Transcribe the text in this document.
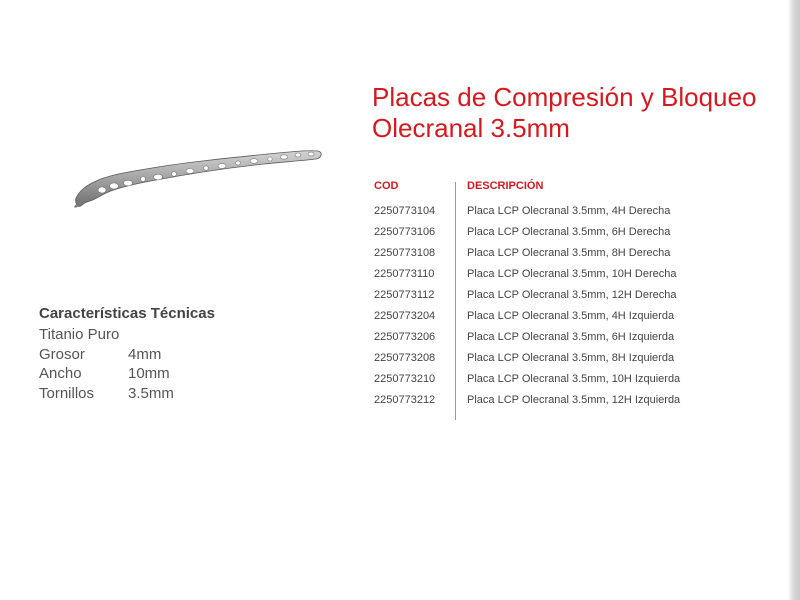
Placas de Compresión y Bloqueo
Olecranal 3.5mm
Características Técnicas
Titanio Puro
Grosor	4mm
Ancho	10mm
Tornillos	3.5mm
COD	DESCRIPCIÓN
2250773104	Placa LCP Olecranal 3.5mm, 4H Derecha
2250773106	Placa LCP Olecranal 3.5mm, 6H Derecha
2250773108	Placa LCP Olecranal 3.5mm, 8H Derecha
2250773110	Placa LCP Olecranal 3.5mm, 10H Derecha
2250773112	Placa LCP Olecranal 3.5mm, 12H Derecha
2250773204	Placa LCP Olecranal 3.5mm, 4H Izquierda
2250773206	Placa LCP Olecranal 3.5mm, 6H Izquierda
2250773208	Placa LCP Olecranal 3.5mm, 8H Izquierda
2250773210	Placa LCP Olecranal 3.5mm, 10H Izquierda
2250773212	Placa LCP Olecranal 3.5mm, 12H Izquierda
